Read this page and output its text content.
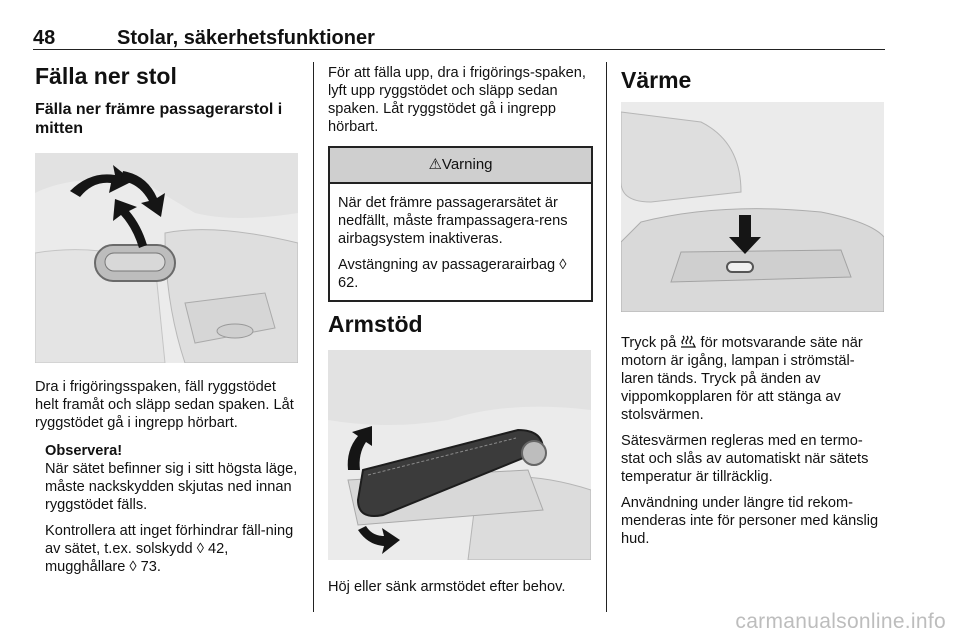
48	Stolar, säkerhetsfunktioner
Fälla ner stol
Fälla ner främre passagerarstol i mitten

Dra i frigöringsspaken, fäll ryggstödet helt framåt och släpp sedan spaken. Låt ryggstödet gå i ingrepp hörbart.

Observera!

När sätet befinner sig i sitt högsta läge, måste nackskydden skjutas ned innan ryggstödet fälls.

Kontrollera att inget förhindrar fäll-ning av sätet, t.ex. solskydd ◊ 42, mugghållare ◊ 73.

För att fälla upp, dra i frigörings-spaken, lyft upp ryggstödet och släpp sedan spaken. Låt ryggstödet gå i ingrepp hörbart.

⚠Varning

När det främre passagerarsätet är nedfällt, måste frampassagera-rens airbagsystem inaktiveras.

Avstängning av passagerarairbag ◊ 62.

Armstöd

Höj eller sänk armstödet efter behov.

Värme

Tryck på  för motsvarande säte när motorn är igång, lampan i strömstäl-laren tänds. Tryck på änden av vippomkopplaren för att stänga av stolsvärmen.

Sätesvärmen regleras med en termo-stat och slås av automatiskt när sätets temperatur är tillräcklig.

Användning under längre tid rekom-menderas inte för personer med känslig hud.

carmanualsonline.info
